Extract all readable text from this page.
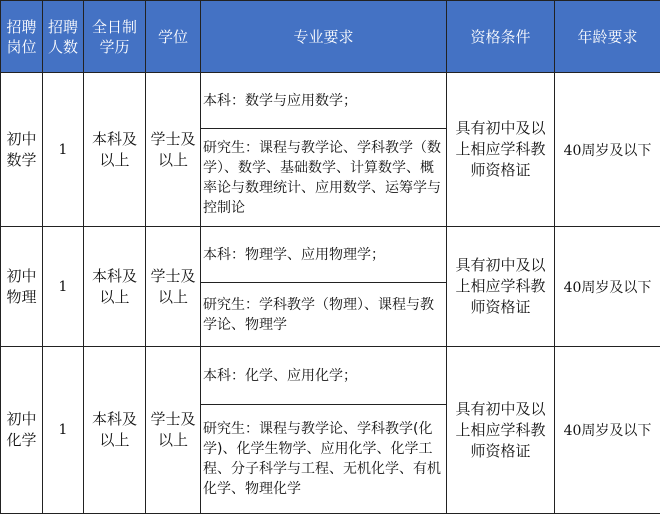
招聘岗位	招聘人数	全日制学历	学位	专业要求	资格条件	年龄要求
初中数学	1	本科及以上	学士及以上	本科：数学与应用数学；	具有初中及以上相应学科教师资格证	40周岁及以下
				研究生：课程与教学论、学科教学（数学）、数学、基础数学、计算数学、概率论与数理统计、应用数学、运筹学与控制论		
初中物理	1	本科及以上	学士及以上	本科：物理学、应用物理学；	具有初中及以上相应学科教师资格证	40周岁及以下
				研究生：学科教学（物理）、课程与教学论、物理学		
初中化学	1	本科及以上	学士及以上	本科：化学、应用化学；	具有初中及以上相应学科教师资格证	40周岁及以下
				研究生：课程与教学论、学科教学(化学)、化学生物学、应用化学、化学工程、分子科学与工程、无机化学、有机化学、物理化学		
